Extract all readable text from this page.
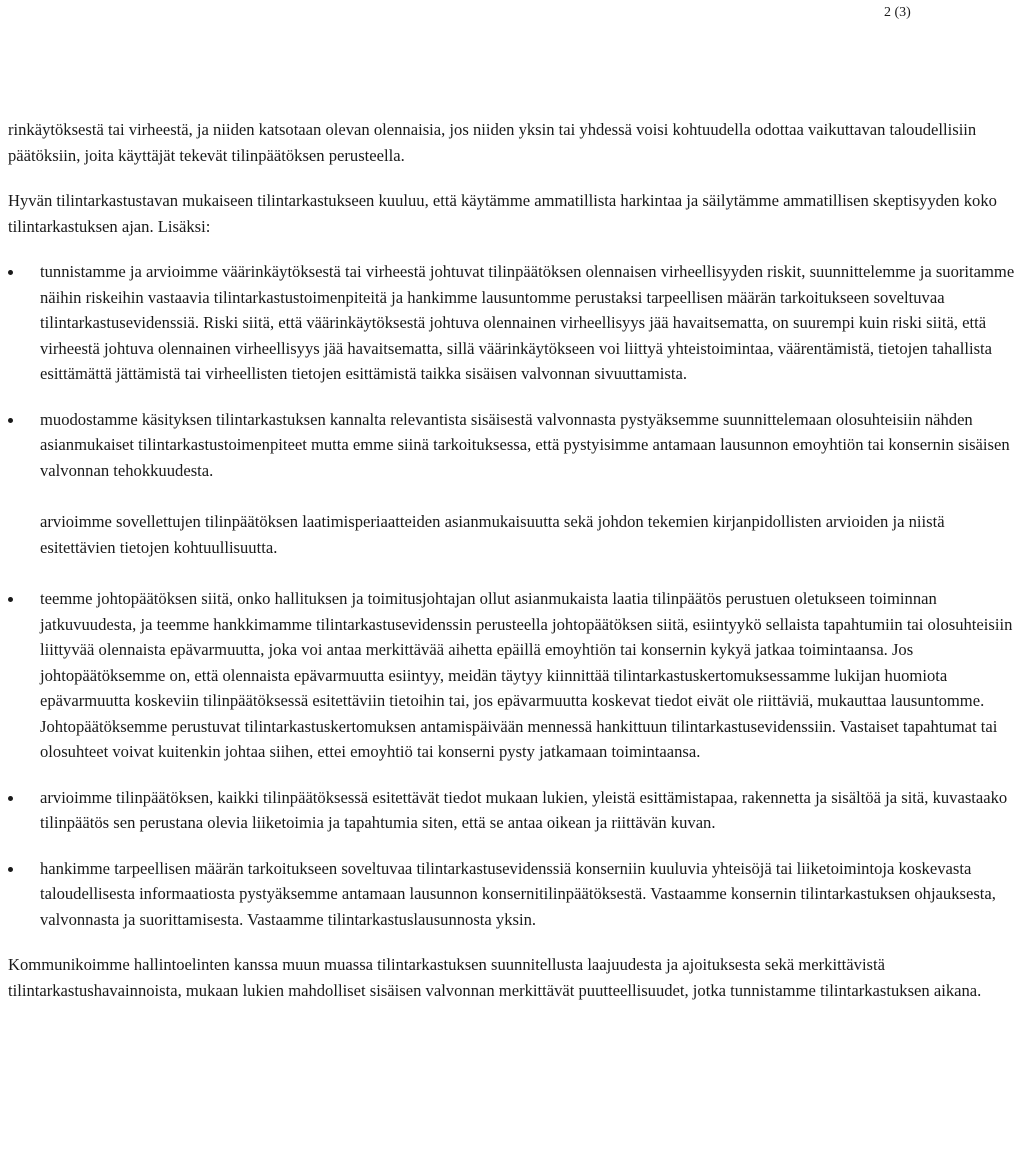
2 (3)

rinkäytöksestä tai virheestä, ja niiden katsotaan olevan olennaisia, jos niiden yksin tai yhdessä voisi kohtuudella odottaa vaikuttavan taloudellisiin päätöksiin, joita käyttäjät tekevät tilinpäätöksen perusteella.

Hyvän tilintarkastustavan mukaiseen tilintarkastukseen kuuluu, että käytämme ammatillista harkintaa ja säilytämme ammatillisen skeptisyyden koko tilintarkastuksen ajan. Lisäksi:

tunnistamme ja arvioimme väärinkäytöksestä tai virheestä johtuvat tilinpäätöksen olennaisen virheellisyyden riskit, suunnittelemme ja suoritamme näihin riskeihin vastaavia tilintarkastustoimenpiteitä ja hankimme lausuntomme perustaksi tarpeellisen määrän tarkoitukseen soveltuvaa tilintarkastusevidenssiä. Riski siitä, että väärinkäytöksestä johtuva olennainen virheellisyys jää havaitsematta, on suurempi kuin riski siitä, että virheestä johtuva olennainen virheellisyys jää havaitsematta, sillä väärinkäytökseen voi liittyä yhteistoimintaa, väärentämistä, tietojen tahallista esittämättä jättämistä tai virheellisten tietojen esittämistä taikka sisäisen valvonnan sivuuttamista.
muodostamme käsityksen tilintarkastuksen kannalta relevantista sisäisestä valvonnasta pystyäksemme suunnittelemaan olosuhteisiin nähden asianmukaiset tilintarkastustoimenpiteet mutta emme siinä tarkoituksessa, että pystyisimme antamaan lausunnon emoyhtiön tai konsernin sisäisen valvonnan tehokkuudesta.

arvioimme sovellettujen tilinpäätöksen laatimisperiaatteiden asianmukaisuutta sekä johdon tekemien kirjanpidollisten arvioiden ja niistä esitettävien tietojen kohtuullisuutta.

teemme johtopäätöksen siitä, onko hallituksen ja toimitusjohtajan ollut asianmukaista laatia tilinpäätös perustuen oletukseen toiminnan jatkuvuudesta, ja teemme hankkimamme tilintarkastusevidenssin perusteella johtopäätöksen siitä, esiintyykö sellaista tapahtumiin tai olosuhteisiin liittyvää olennaista epävarmuutta, joka voi antaa merkittävää aihetta epäillä emoyhtiön tai konsernin kykyä jatkaa toimintaansa. Jos johtopäätöksemme on, että olennaista epävarmuutta esiintyy, meidän täytyy kiinnittää tilintarkastuskertomuksessamme lukijan huomiota epävarmuutta koskeviin tilinpäätöksessä esitettäviin tietoihin tai, jos epävarmuutta koskevat tiedot eivät ole riittäviä, mukauttaa lausuntomme. Johtopäätöksemme perustuvat tilintarkastuskertomuksen antamispäivään mennessä hankittuun tilintarkastusevidenssiin. Vastaiset tapahtumat tai olosuhteet voivat kuitenkin johtaa siihen, ettei emoyhtiö tai konserni pysty jatkamaan toimintaansa.
arvioimme tilinpäätöksen, kaikki tilinpäätöksessä esitettävät tiedot mukaan lukien, yleistä esittämistapaa, rakennetta ja sisältöä ja sitä, kuvastaako tilinpäätös sen perustana olevia liiketoimia ja tapahtumia siten, että se antaa oikean ja riittävän kuvan.
hankimme tarpeellisen määrän tarkoitukseen soveltuvaa tilintarkastusevidenssiä konserniin kuuluvia yhteisöjä tai liiketoimintoja koskevasta taloudellisesta informaatiosta pystyäksemme antamaan lausunnon konsernitilinpäätöksestä. Vastaamme konsernin tilintarkastuksen ohjauksesta, valvonnasta ja suorittamisesta. Vastaamme tilintarkastuslausunnosta yksin.

Kommunikoimme hallintoelinten kanssa muun muassa tilintarkastuksen suunnitellusta laajuudesta ja ajoituksesta sekä merkittävistä tilintarkastushavainnoista, mukaan lukien mahdolliset sisäisen valvonnan merkittävät puutteellisuudet, jotka tunnistamme tilintarkastuksen aikana.
